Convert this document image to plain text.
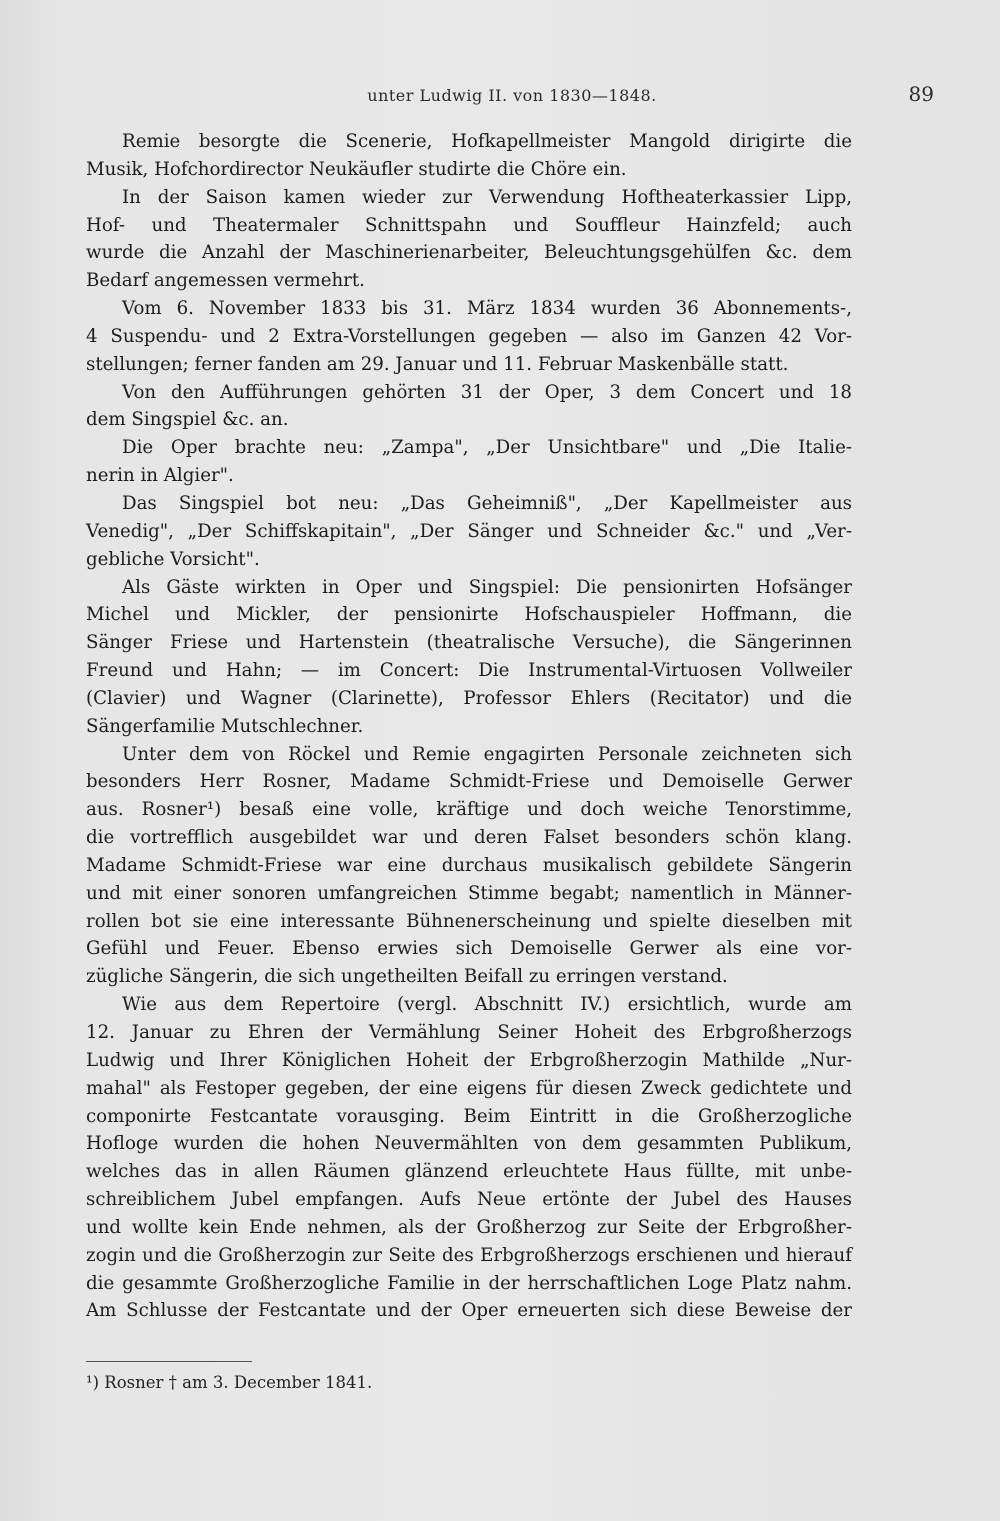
unter Ludwig II. von 1830—1848.	89
Remie besorgte die Scenerie, Hofkapellmeister Mangold dirigirte die
Musik, Hofchordirector Neukäufler studirte die Chöre ein.
In der Saison kamen wieder zur Verwendung Hoftheaterkassier Lipp,
Hof- und Theatermaler Schnittspahn und Souffleur Hainzfeld; auch
wurde die Anzahl der Maschinerienarbeiter, Beleuchtungsgehülfen &c. dem
Bedarf angemessen vermehrt.
Vom 6. November 1833 bis 31. März 1834 wurden 36 Abonnements-,
4 Suspendu- und 2 Extra-Vorstellungen gegeben — also im Ganzen 42 Vor-
stellungen; ferner fanden am 29. Januar und 11. Februar Maskenbälle statt.
Von den Aufführungen gehörten 31 der Oper, 3 dem Concert und 18
dem Singspiel &c. an.
Die Oper brachte neu: „Zampa", „Der Unsichtbare" und „Die Italie-
nerin in Algier".
Das Singspiel bot neu: „Das Geheimniß", „Der Kapellmeister aus
Venedig", „Der Schiffskapitain", „Der Sänger und Schneider &c." und „Ver-
gebliche Vorsicht".
Als Gäste wirkten in Oper und Singspiel: Die pensionirten Hofsänger
Michel und Mickler, der pensionirte Hofschauspieler Hoffmann, die
Sänger Friese und Hartenstein (theatralische Versuche), die Sängerinnen
Freund und Hahn; — im Concert: Die Instrumental-Virtuosen Vollweiler
(Clavier) und Wagner (Clarinette), Professor Ehlers (Recitator) und die
Sängerfamilie Mutschlechner.
Unter dem von Röckel und Remie engagirten Personale zeichneten sich
besonders Herr Rosner, Madame Schmidt-Friese und Demoiselle Gerwer
aus. Rosner¹) besaß eine volle, kräftige und doch weiche Tenorstimme,
die vortrefflich ausgebildet war und deren Falset besonders schön klang.
Madame Schmidt-Friese war eine durchaus musikalisch gebildete Sängerin
und mit einer sonoren umfangreichen Stimme begabt; namentlich in Männer-
rollen bot sie eine interessante Bühnenerscheinung und spielte dieselben mit
Gefühl und Feuer. Ebenso erwies sich Demoiselle Gerwer als eine vor-
zügliche Sängerin, die sich ungetheilten Beifall zu erringen verstand.
Wie aus dem Repertoire (vergl. Abschnitt IV.) ersichtlich, wurde am
12. Januar zu Ehren der Vermählung Seiner Hoheit des Erbgroßherzogs
Ludwig und Ihrer Königlichen Hoheit der Erbgroßherzogin Mathilde „Nur-
mahal" als Festoper gegeben, der eine eigens für diesen Zweck gedichtete und
componirte Festcantate vorausging. Beim Eintritt in die Großherzogliche
Hofloge wurden die hohen Neuvermählten von dem gesammten Publikum,
welches das in allen Räumen glänzend erleuchtete Haus füllte, mit unbe-
schreiblichem Jubel empfangen. Aufs Neue ertönte der Jubel des Hauses
und wollte kein Ende nehmen, als der Großherzog zur Seite der Erbgroßher-
zogin und die Großherzogin zur Seite des Erbgroßherzogs erschienen und hierauf
die gesammte Großherzogliche Familie in der herrschaftlichen Loge Platz nahm.
Am Schlusse der Festcantate und der Oper erneuerten sich diese Beweise der
¹) Rosner † am 3. December 1841.
